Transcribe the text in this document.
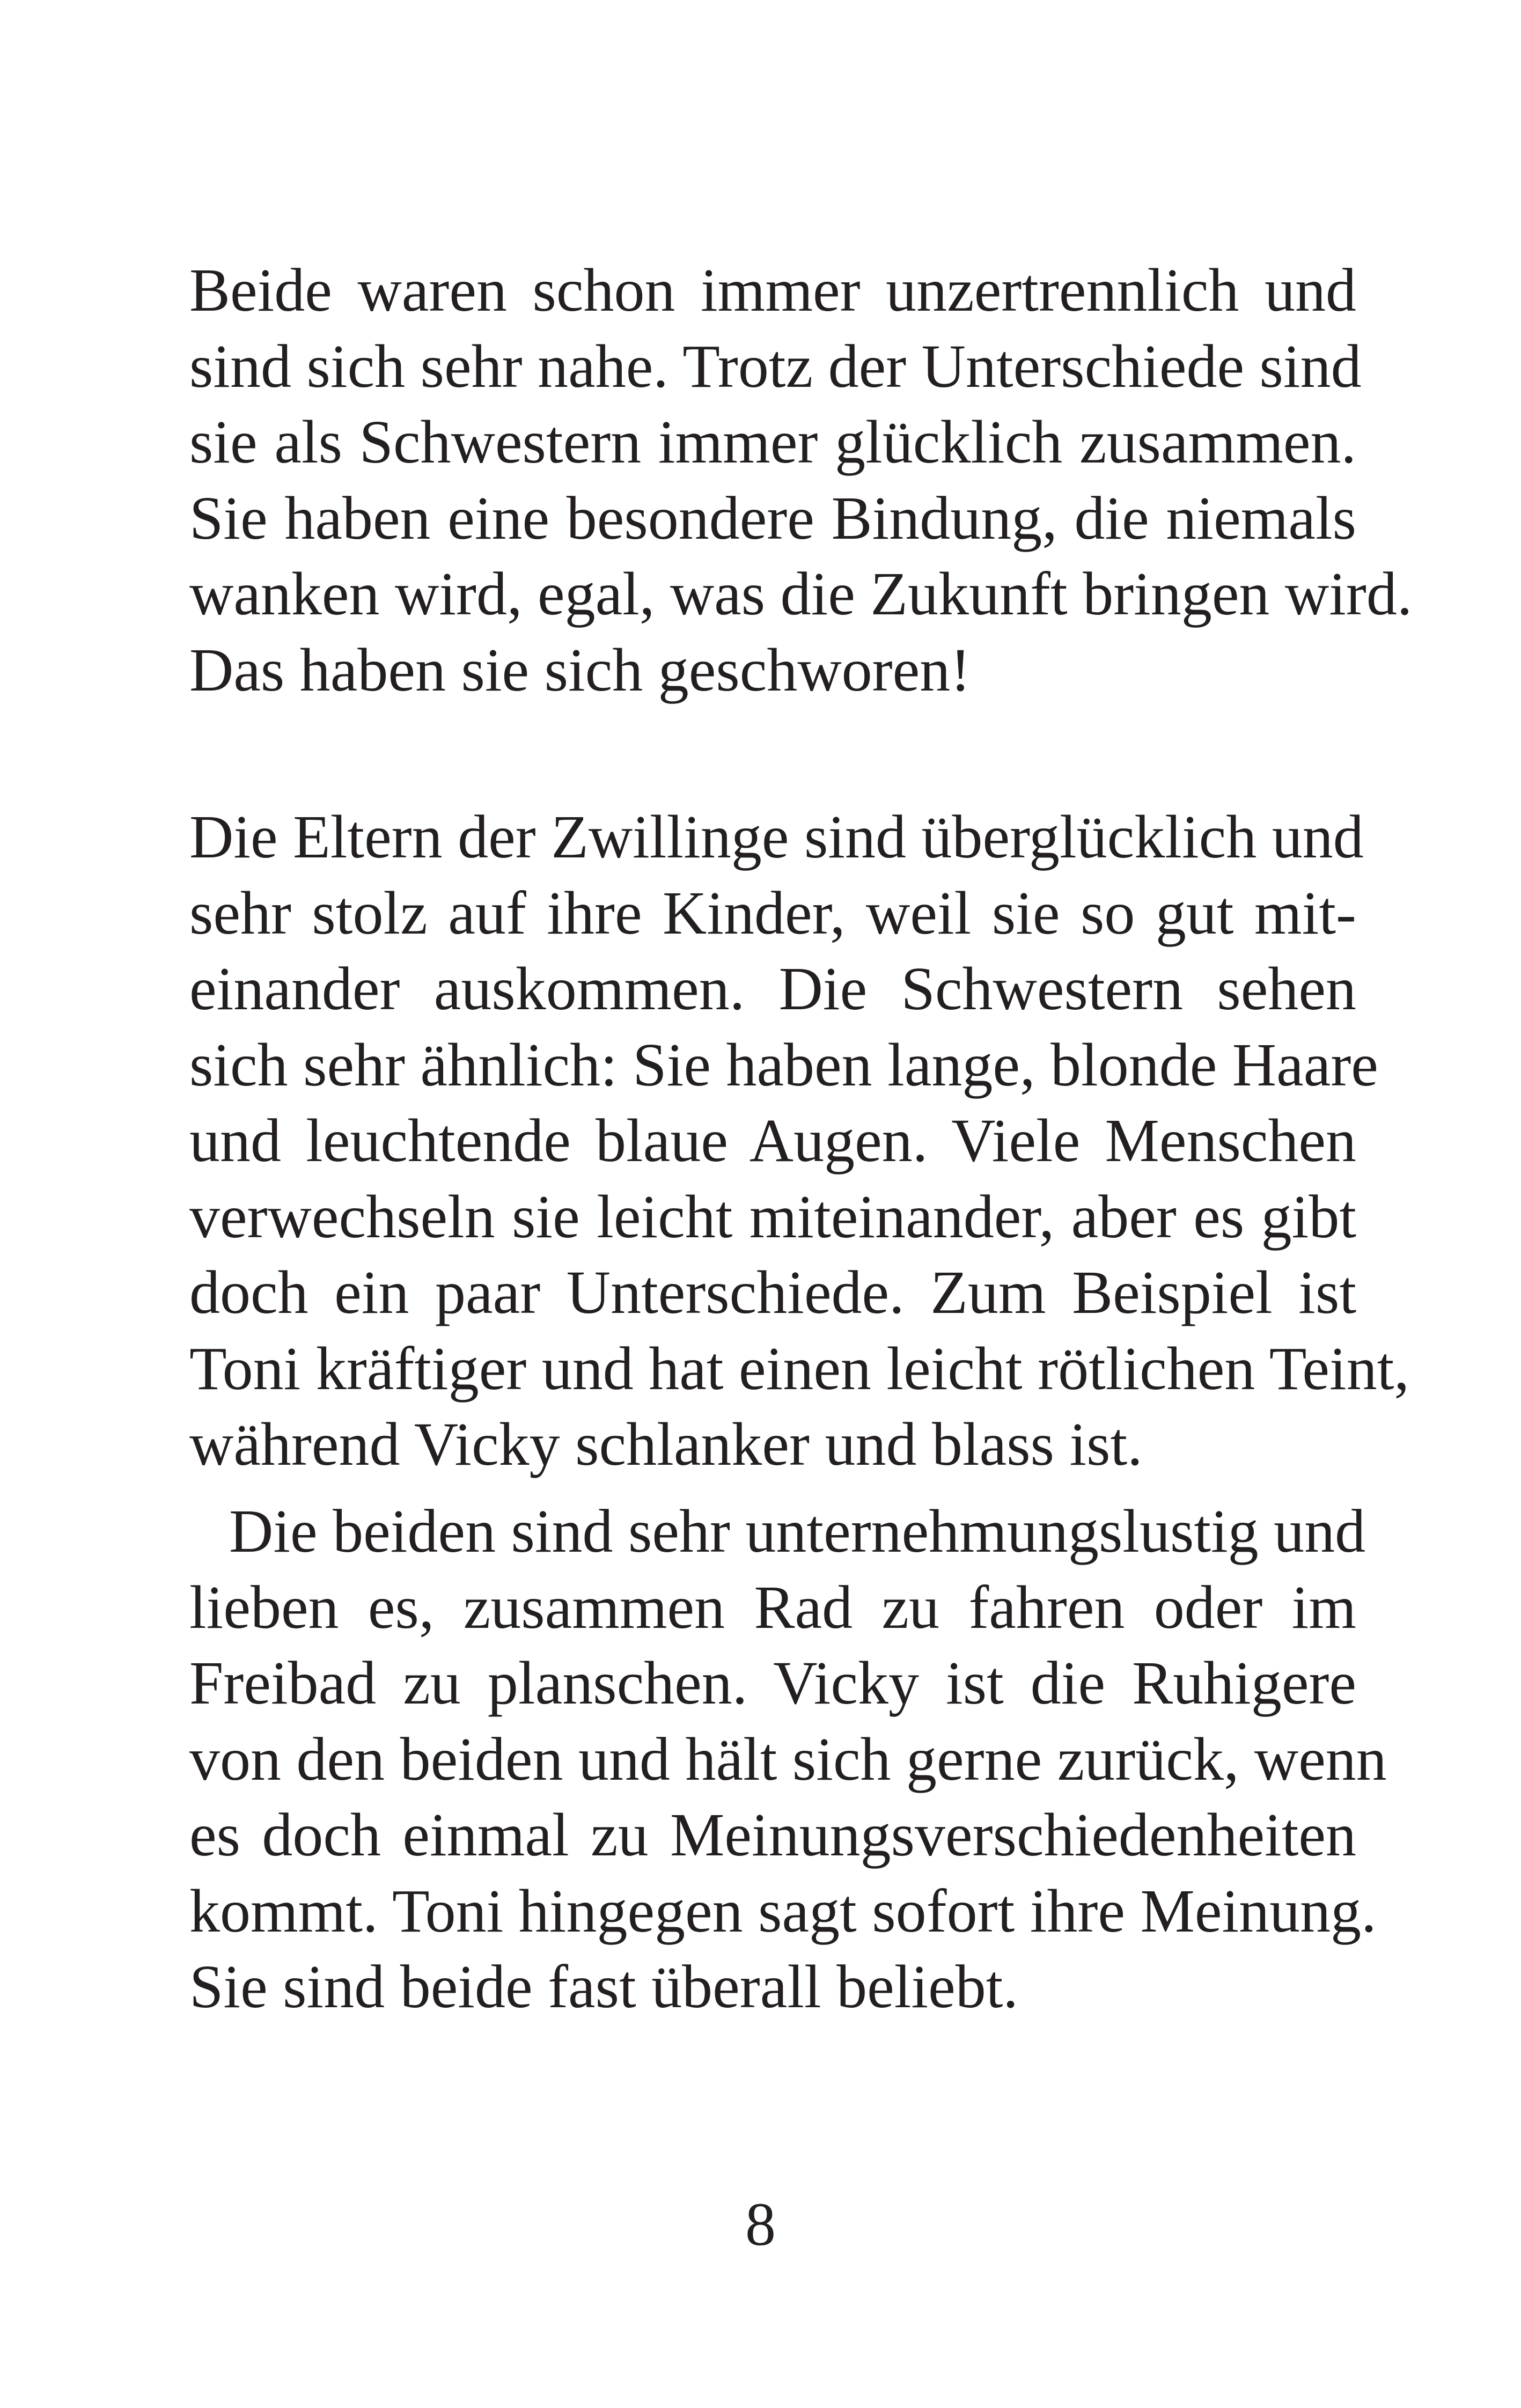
Beide waren schon immer unzertrennlich und
sind sich sehr nahe. Trotz der Unterschiede sind
sie als Schwestern immer glücklich zusammen.
Sie haben eine besondere Bindung, die niemals
wanken wird, egal, was die Zukunft bringen wird.
Das haben sie sich geschworen!
Die Eltern der Zwillinge sind überglücklich und
sehr stolz auf ihre Kinder, weil sie so gut mit-
einander auskommen. Die Schwestern sehen
sich sehr ähnlich: Sie haben lange, blonde Haare
und leuchtende blaue Augen. Viele Menschen
verwechseln sie leicht miteinander, aber es gibt
doch ein paar Unterschiede. Zum Beispiel ist
Toni kräftiger und hat einen leicht rötlichen Teint,
während Vicky schlanker und blass ist.
Die beiden sind sehr unternehmungslustig und
lieben es, zusammen Rad zu fahren oder im
Freibad zu planschen. Vicky ist die Ruhigere
von den beiden und hält sich gerne zurück, wenn
es doch einmal zu Meinungsverschiedenheiten
kommt. Toni hingegen sagt sofort ihre Meinung.
Sie sind beide fast überall beliebt.
8
